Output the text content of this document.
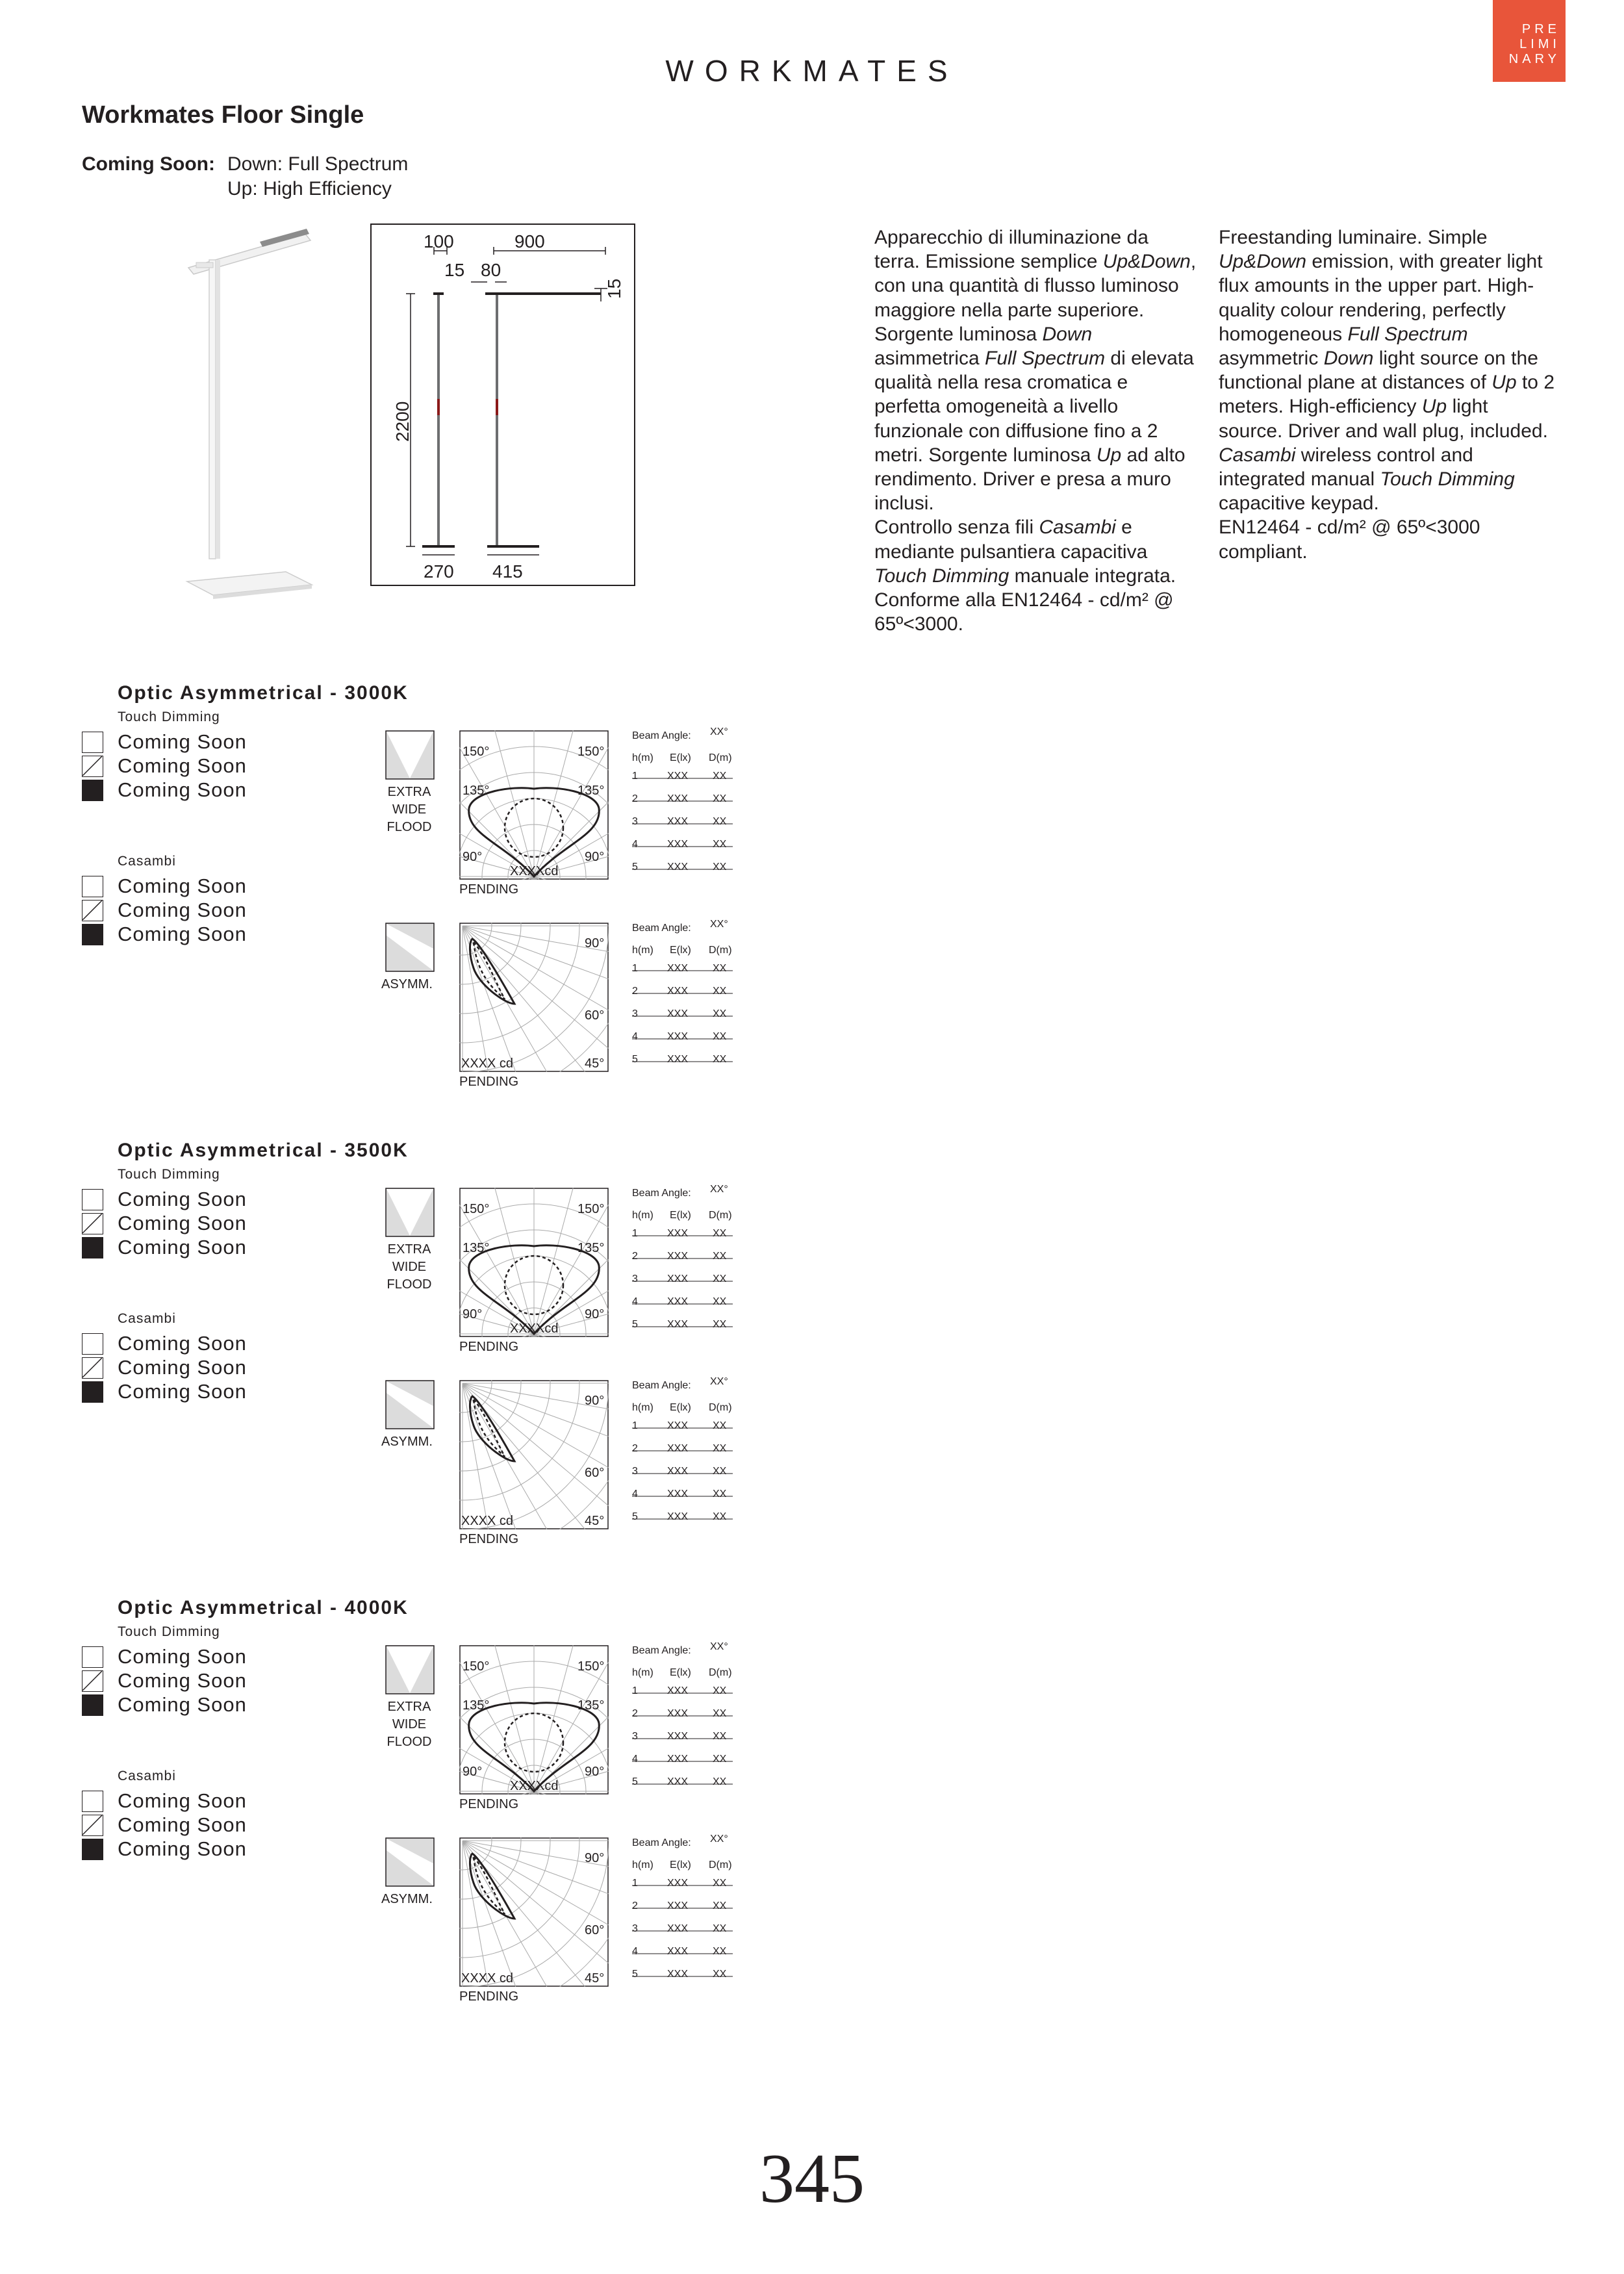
WORKMATES
PRE
LIMI
NARY
Workmates Floor Single
Coming Soon: Down: Full Spectrum
Up: High Efficiency
100	900
15 80
15
2200
270 415
Apparecchio di illuminazione da terra. Emissione semplice Up&Down, con una quantità di flusso luminoso maggiore nella parte superiore. Sorgente luminosa Down asimmetrica Full Spectrum di elevata qualità nella resa cromatica e perfetta omogeneità a livello funzionale con diffusione fino a 2 metri. Sorgente luminosa Up ad alto rendimento. Driver e presa a muro inclusi.
Controllo senza fili Casambi e mediante pulsantiera capacitiva Touch Dimming manuale integrata. Conforme alla EN12464 - cd/m² @ 65º<3000.
Freestanding luminaire. Simple Up&Down emission, with greater light flux amounts in the upper part. High-quality colour rendering, perfectly homogeneous Full Spectrum asymmetric Down light source on the functional plane at distances of Up to 2 meters. High-efficiency Up light source. Driver and wall plug, included.
Casambi wireless control and integrated manual Touch Dimming capacitive keypad.
EN12464 - cd/m² @ 65º<3000 compliant.
Optic Asymmetrical - 3000K
Touch Dimming
Coming Soon
Coming Soon
Coming Soon
Casambi
Coming Soon
Coming Soon
Coming Soon
EXTRA
WIDE
FLOOD
ASYMM.
150°	150°
135°	135°
90°	90°
XXXXcd
PENDING
Beam Angle: XX°
h(m) E(lx) D(m)
1	XXX XX
2	XXX XX
3	XXX XX
4	XXX XX
5	XXX XX
90°
60°
45°
XXXX cd
PENDING
Beam Angle: XX°
h(m) E(lx) D(m)
1	XXX XX
2	XXX XX
3	XXX XX
4	XXX XX
5	XXX XX
Optic Asymmetrical - 3500K
Touch Dimming
Coming Soon
Coming Soon
Coming Soon
Casambi
Coming Soon
Coming Soon
Coming Soon
EXTRA
WIDE
FLOOD
ASYMM.
150°	150°
135°	135°
90°	90°
XXXXcd
PENDING
Beam Angle: XX°
h(m) E(lx) D(m)
1	XXX XX
2	XXX XX
3	XXX XX
4	XXX XX
5	XXX XX
90°
60°
45°
XXXX cd
PENDING
Beam Angle: XX°
h(m) E(lx) D(m)
1	XXX XX
2	XXX XX
3	XXX XX
4	XXX XX
5	XXX XX
Optic Asymmetrical - 4000K
Touch Dimming
Coming Soon
Coming Soon
Coming Soon
Casambi
Coming Soon
Coming Soon
Coming Soon
EXTRA
WIDE
FLOOD
ASYMM.
150°	150°
135°	135°
90°	90°
XXXXcd
PENDING
Beam Angle: XX°
h(m) E(lx) D(m)
1	XXX XX
2	XXX XX
3	XXX XX
4	XXX XX
5	XXX XX
90°
60°
45°
XXXX cd
PENDING
Beam Angle: XX°
h(m) E(lx) D(m)
1	XXX XX
2	XXX XX
3	XXX XX
4	XXX XX
5	XXX XX
345
